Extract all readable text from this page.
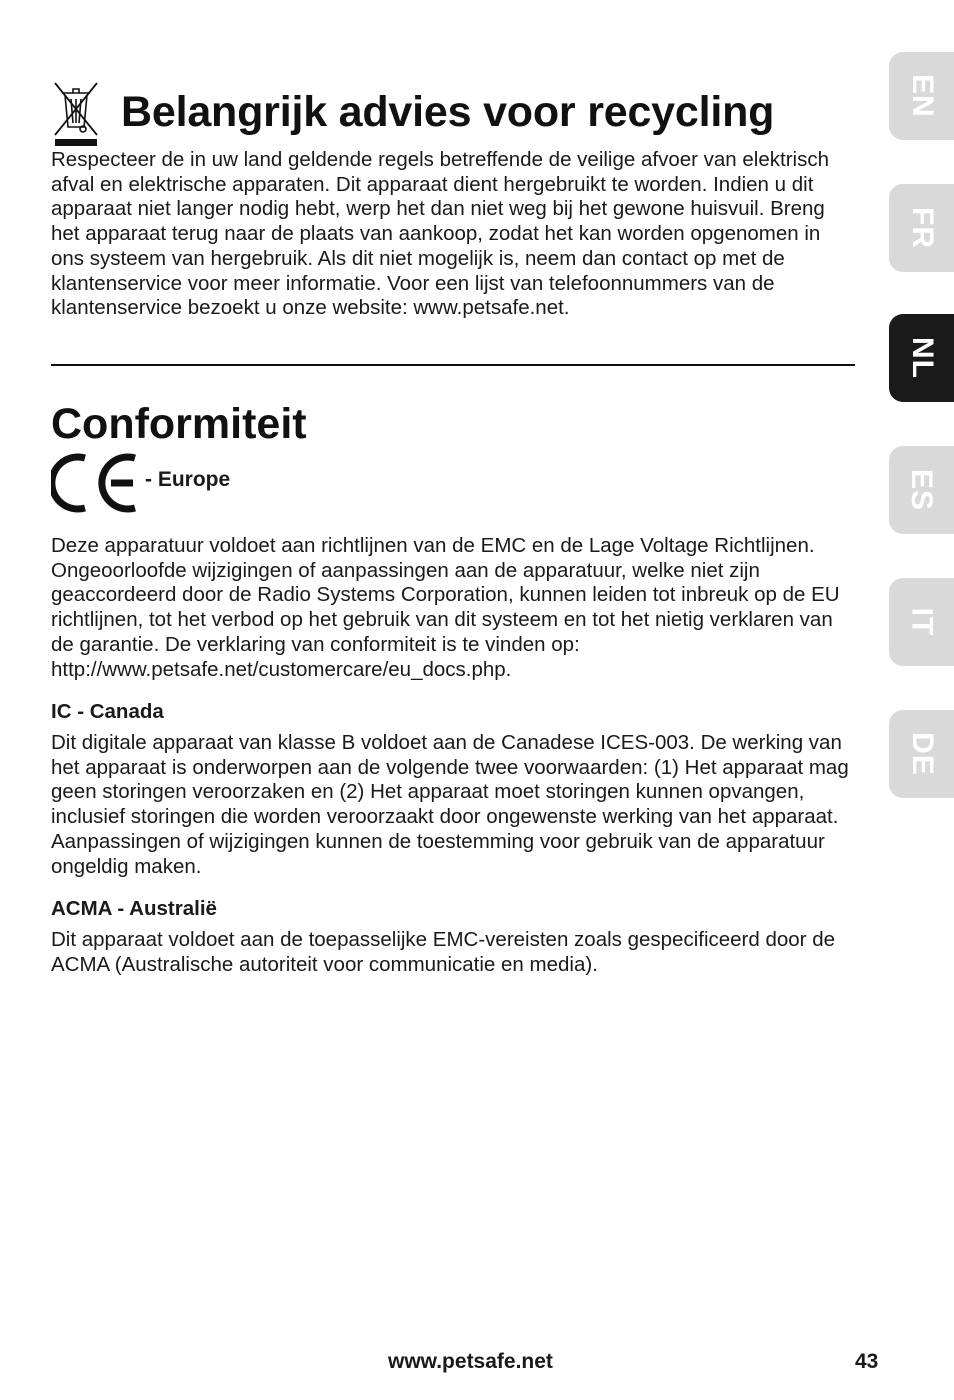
Belangrijk advies voor recycling

Respecteer de in uw land geldende regels betreffende de veilige afvoer van elektrisch afval en elektrische apparaten. Dit apparaat dient hergebruikt te worden. Indien u dit apparaat niet langer nodig hebt, werp het dan niet weg bij het gewone huisvuil. Breng het apparaat terug naar de plaats van aankoop, zodat het kan worden opgenomen in ons systeem van hergebruik. Als dit niet mogelijk is, neem dan contact op met de klantenservice voor meer informatie. Voor een lijst van telefoonnummers van de klantenservice bezoekt u onze website: www.petsafe.net.

Conformiteit
- Europe

Deze apparatuur voldoet aan richtlijnen van de EMC en de Lage Voltage Richtlijnen. Ongeoorloofde wijzigingen of aanpassingen aan de apparatuur, welke niet zijn geaccordeerd door de Radio Systems Corporation, kunnen leiden tot inbreuk op de EU richtlijnen, tot het verbod op het gebruik van dit systeem en tot het nietig verklaren van de garantie. De verklaring van conformiteit is te vinden op: http://www.petsafe.net/customercare/eu_docs.php.

IC - Canada

Dit digitale apparaat van klasse B voldoet aan de Canadese ICES-003. De werking van het apparaat is onderworpen aan de volgende twee voorwaarden: (1) Het apparaat mag geen storingen veroorzaken en (2) Het apparaat moet storingen kunnen opvangen, inclusief storingen die worden veroorzaakt door ongewenste werking van het apparaat. Aanpassingen of wijzigingen kunnen de toestemming voor gebruik van de apparatuur ongeldig maken.

ACMA - Australië

Dit apparaat voldoet aan de toepasselijke EMC-vereisten zoals gespecificeerd door de ACMA (Australische autoriteit voor communicatie en media).

EN
FR
NL
ES
IT
DE
www.petsafe.net	43
